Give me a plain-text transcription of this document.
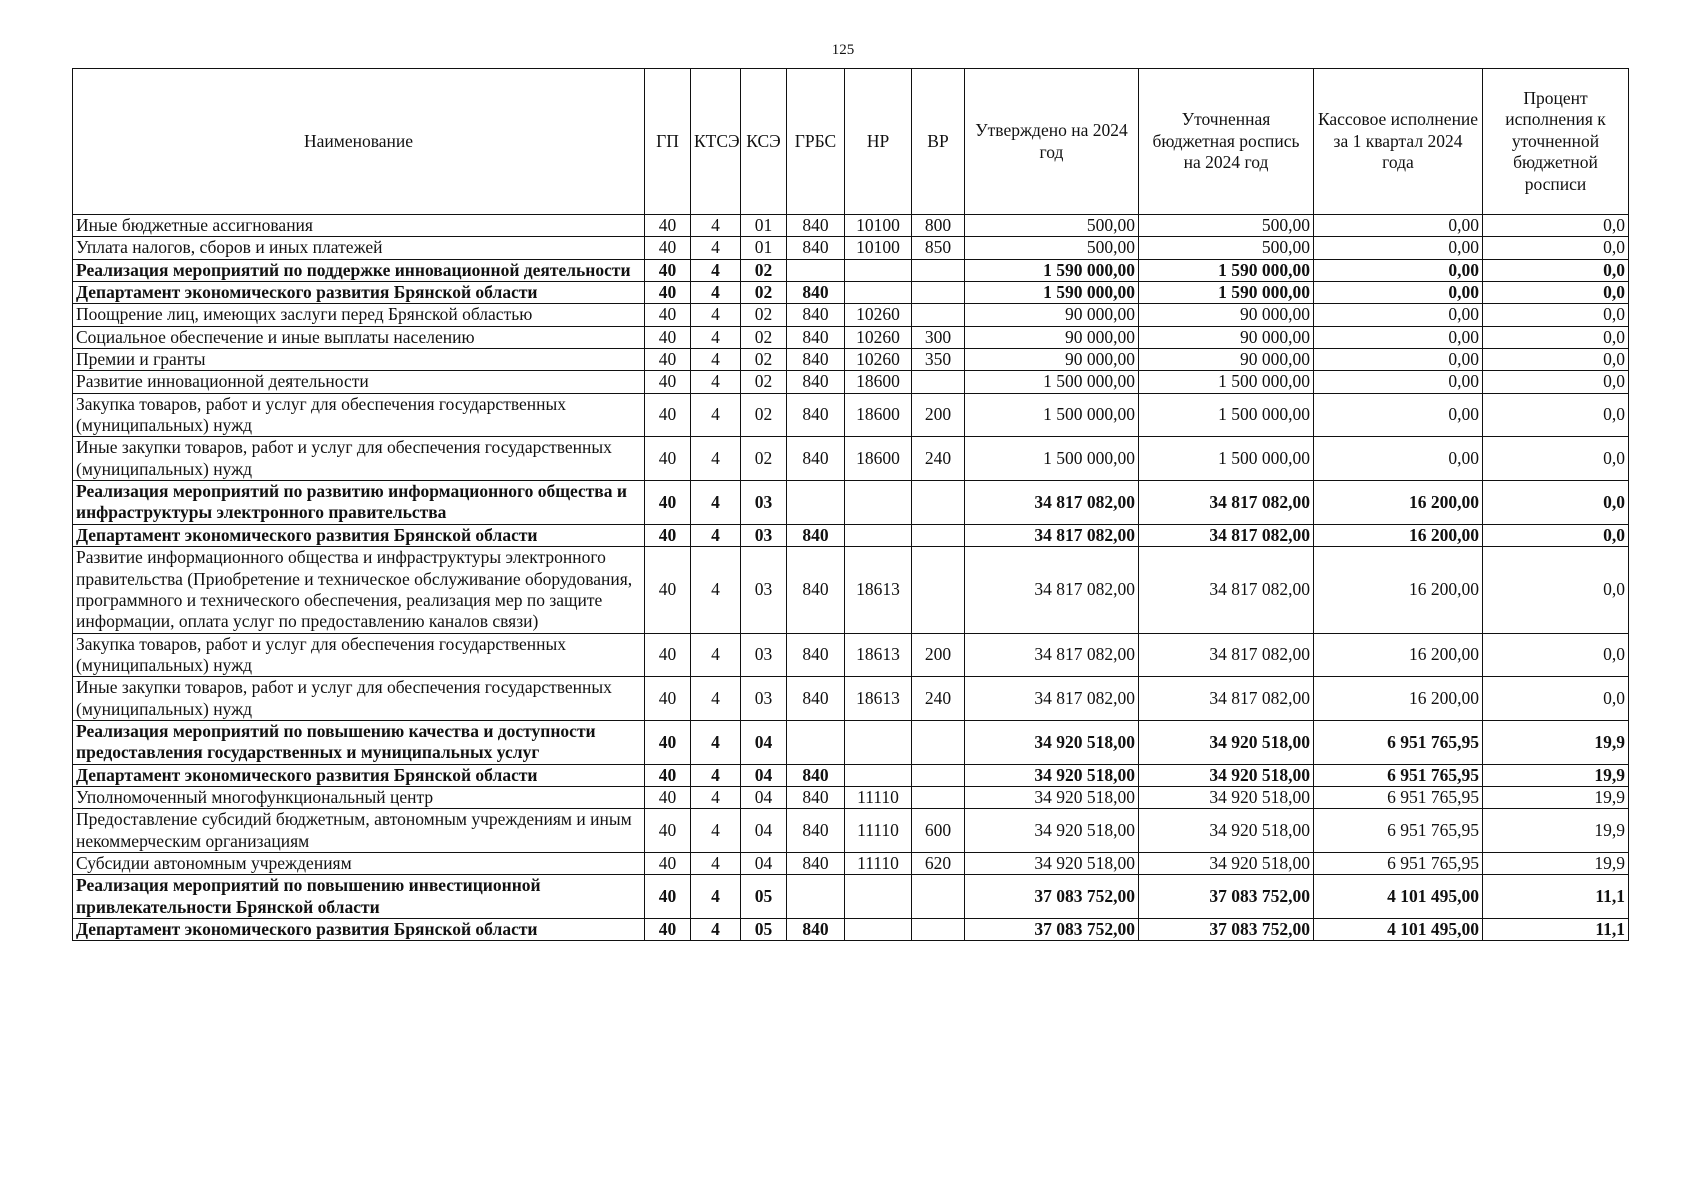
125
Наименование	ГП	КТСЭ	КСЭ	ГРБС	НР	ВР	Утверждено на 2024 год	Уточненная бюджетная роспись на 2024 год	Кассовое исполнение за 1 квартал 2024 года	Процент исполнения к уточненной бюджетной росписи
Иные бюджетные ассигнования	40	4	01	840	10100	800	500,00	500,00	0,00	0,0
Уплата налогов, сборов и иных платежей	40	4	01	840	10100	850	500,00	500,00	0,00	0,0
Реализация мероприятий по поддержке инновационной деятельности	40	4	02				1 590 000,00	1 590 000,00	0,00	0,0
Департамент экономического развития Брянской области	40	4	02	840			1 590 000,00	1 590 000,00	0,00	0,0
Поощрение лиц, имеющих заслуги перед Брянской областью	40	4	02	840	10260		90 000,00	90 000,00	0,00	0,0
Социальное обеспечение и иные выплаты населению	40	4	02	840	10260	300	90 000,00	90 000,00	0,00	0,0
Премии и гранты	40	4	02	840	10260	350	90 000,00	90 000,00	0,00	0,0
Развитие инновационной деятельности	40	4	02	840	18600		1 500 000,00	1 500 000,00	0,00	0,0
Закупка товаров, работ и услуг для обеспечения государственных (муниципальных) нужд	40	4	02	840	18600	200	1 500 000,00	1 500 000,00	0,00	0,0
Иные закупки товаров, работ и услуг для обеспечения государственных (муниципальных) нужд	40	4	02	840	18600	240	1 500 000,00	1 500 000,00	0,00	0,0
Реализация мероприятий по развитию информационного общества и инфраструктуры электронного правительства	40	4	03				34 817 082,00	34 817 082,00	16 200,00	0,0
Департамент экономического развития Брянской области	40	4	03	840			34 817 082,00	34 817 082,00	16 200,00	0,0
Развитие информационного общества и инфраструктуры электронного правительства (Приобретение и техническое обслуживание оборудования, программного и технического обеспечения, реализация мер по защите информации, оплата услуг по предоставлению каналов связи)	40	4	03	840	18613		34 817 082,00	34 817 082,00	16 200,00	0,0
Закупка товаров, работ и услуг для обеспечения государственных (муниципальных) нужд	40	4	03	840	18613	200	34 817 082,00	34 817 082,00	16 200,00	0,0
Иные закупки товаров, работ и услуг для обеспечения государственных (муниципальных) нужд	40	4	03	840	18613	240	34 817 082,00	34 817 082,00	16 200,00	0,0
Реализация мероприятий по повышению качества и доступности предоставления государственных и муниципальных услуг	40	4	04				34 920 518,00	34 920 518,00	6 951 765,95	19,9
Департамент экономического развития Брянской области	40	4	04	840			34 920 518,00	34 920 518,00	6 951 765,95	19,9
Уполномоченный многофункциональный центр	40	4	04	840	11110		34 920 518,00	34 920 518,00	6 951 765,95	19,9
Предоставление субсидий бюджетным, автономным учреждениям и иным некоммерческим организациям	40	4	04	840	11110	600	34 920 518,00	34 920 518,00	6 951 765,95	19,9
Субсидии автономным учреждениям	40	4	04	840	11110	620	34 920 518,00	34 920 518,00	6 951 765,95	19,9
Реализация мероприятий по повышению инвестиционной привлекательности Брянской области	40	4	05				37 083 752,00	37 083 752,00	4 101 495,00	11,1
Департамент экономического развития Брянской области	40	4	05	840			37 083 752,00	37 083 752,00	4 101 495,00	11,1
